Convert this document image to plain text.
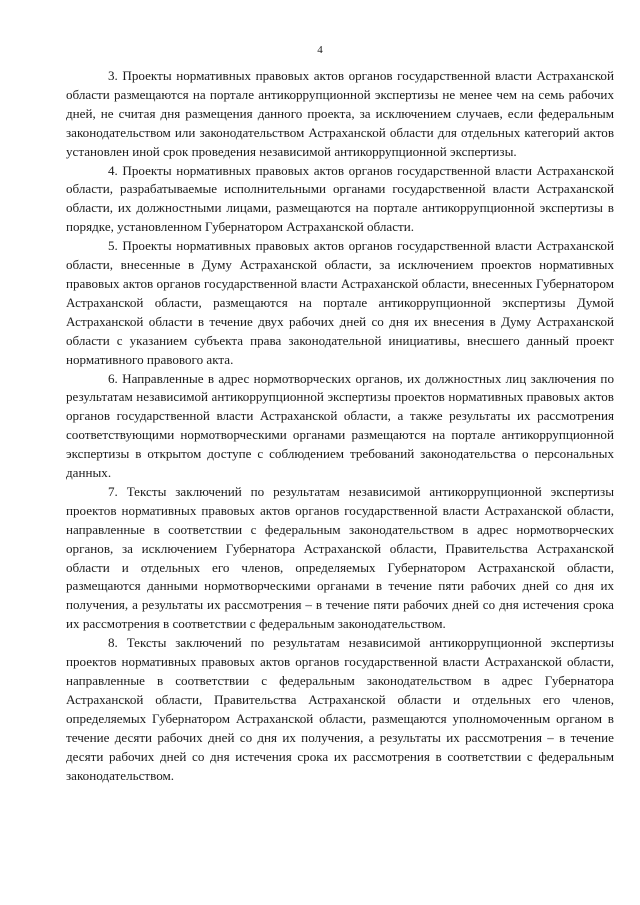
4

3. Проекты нормативных правовых актов органов государственной власти Астраханской области размещаются на портале антикоррупционной экспертизы не менее чем на семь рабочих дней, не считая дня размещения данного проекта, за исключением случаев, если федеральным законодательством или законодательством Астраханской области для отдельных категорий актов установлен иной срок проведения независимой антикоррупционной экспертизы.

4. Проекты нормативных правовых актов органов государственной власти Астраханской области, разрабатываемые исполнительными органами государственной власти Астраханской области, их должностными лицами, размещаются на портале антикоррупционной экспертизы в порядке, установленном Губернатором Астраханской области.

5. Проекты нормативных правовых актов органов государственной власти Астраханской области, внесенные в Думу Астраханской области, за исключением проектов нормативных правовых актов органов государственной власти Астраханской области, внесенных Губернатором Астраханской области, размещаются на портале антикоррупционной экспертизы Думой Астраханской области в течение двух рабочих дней со дня их внесения в Думу Астраханской области с указанием субъекта права законодательной инициативы, внесшего данный проект нормативного правового акта.

6. Направленные в адрес нормотворческих органов, их должностных лиц заключения по результатам независимой антикоррупционной экспертизы проектов нормативных правовых актов органов государственной власти Астраханской области, а также результаты их рассмотрения соответствующими нормотворческими органами размещаются на портале антикоррупционной экспертизы в открытом доступе с соблюдением требований законодательства о персональных данных.

7. Тексты заключений по результатам независимой антикоррупционной экспертизы проектов нормативных правовых актов органов государственной власти Астраханской области, направленные в соответствии с федеральным законодательством в адрес нормотворческих органов, за исключением Губернатора Астраханской области, Правительства Астраханской области и отдельных его членов, определяемых Губернатором Астраханской области, размещаются данными нормотворческими органами в течение пяти рабочих дней со дня их получения, а результаты их рассмотрения – в течение пяти рабочих дней со дня истечения срока их рассмотрения в соответствии с федеральным законодательством.

8. Тексты заключений по результатам независимой антикоррупционной экспертизы проектов нормативных правовых актов органов государственной власти Астраханской области, направленные в соответствии с федеральным законодательством в адрес Губернатора Астраханской области, Правительства Астраханской области и отдельных его членов, определяемых Губернатором Астраханской области, размещаются уполномоченным органом в течение десяти рабочих дней со дня их получения, а результаты их рассмотрения – в течение десяти рабочих дней со дня истечения срока их рассмотрения в соответствии с федеральным законодательством.
